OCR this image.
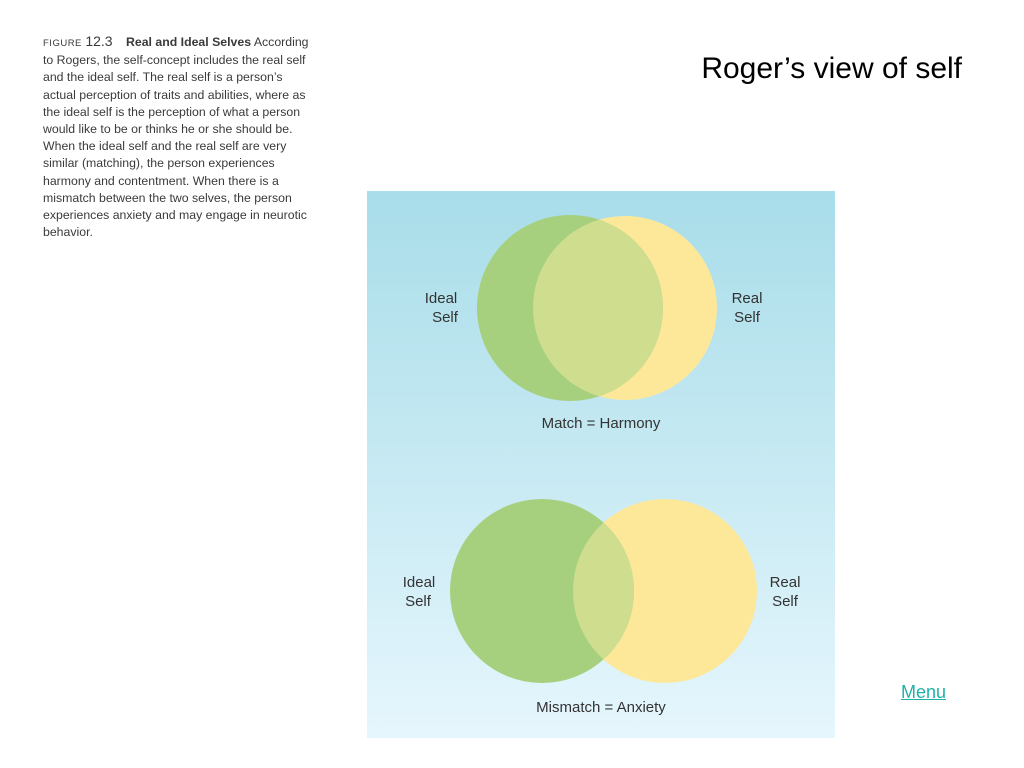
FIGURE 12.3 Real and Ideal Selves According to Rogers, the self-concept includes the real self and the ideal self. The real self is a person’s actual perception of traits and abilities, where as the ideal self is the perception of what a person would like to be or thinks he or she should be. When the ideal self and the real self are very similar (matching), the person experiences harmony and contentment. When there is a mismatch between the two selves, the person experiences anxiety and may engage in neurotic behavior.
Roger’s view of self
Ideal
Self
Real
Self
Match = Harmony
Ideal
Self
Real
Self
Mismatch = Anxiety
Menu
